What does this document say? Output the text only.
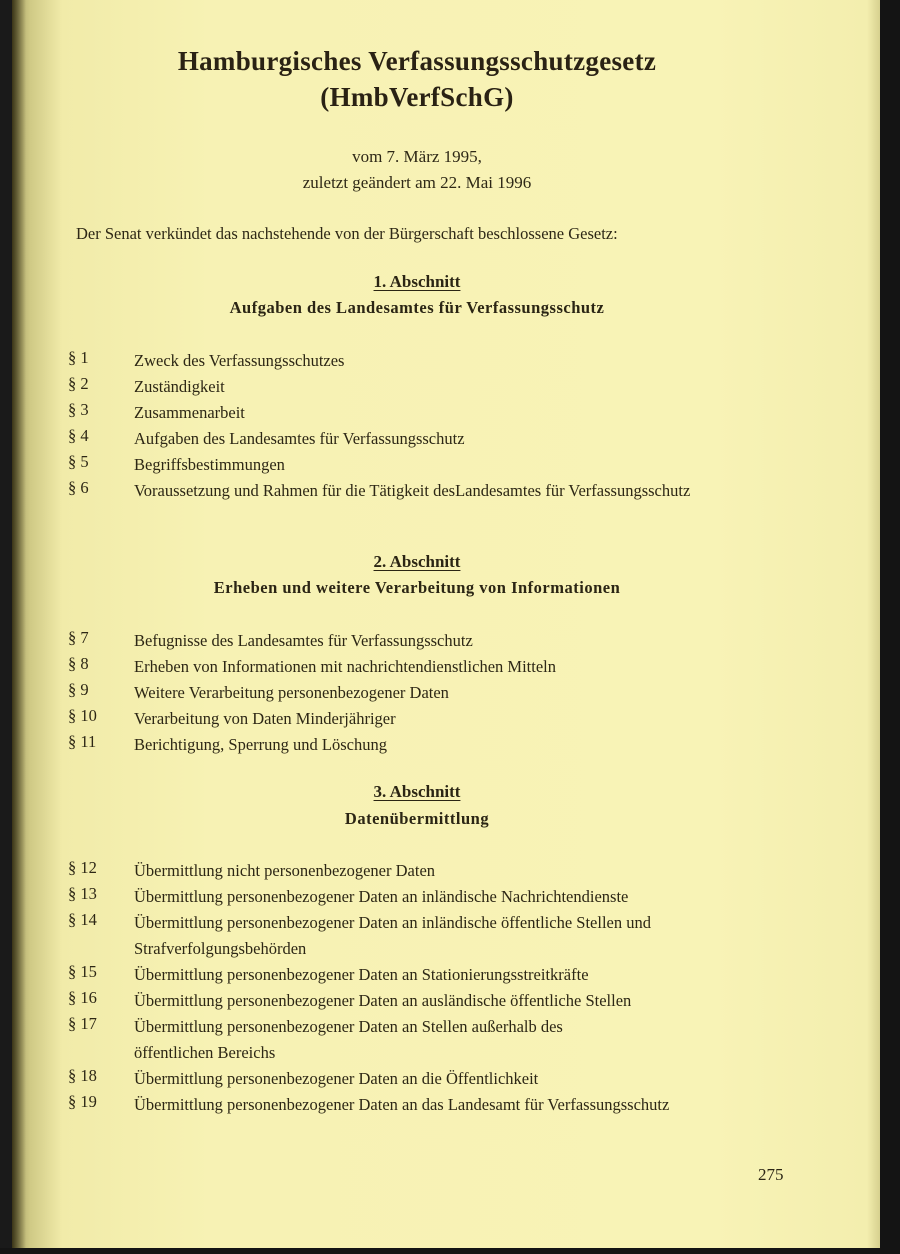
Hamburgisches Verfassungsschutzgesetz
(HmbVerfSchG)
vom 7. März 1995,
zuletzt geändert am 22. Mai 1996
Der Senat verkündet das nachstehende von der Bürgerschaft beschlossene Gesetz:
1. Abschnitt
Aufgaben des Landesamtes für Verfassungsschutz
§ 1	Zweck des Verfassungsschutzes
§ 2	Zuständigkeit
§ 3	Zusammenarbeit
§ 4	Aufgaben des Landesamtes für Verfassungsschutz
§ 5	Begriffsbestimmungen
§ 6	Voraussetzung und Rahmen für die Tätigkeit desLandesamtes für Verfassungsschutz
2. Abschnitt
Erheben und weitere Verarbeitung von Informationen
§ 7	Befugnisse des Landesamtes für Verfassungsschutz
§ 8	Erheben von Informationen mit nachrichtendienstlichen Mitteln
§ 9	Weitere Verarbeitung personenbezogener Daten
§ 10 Verarbeitung von Daten Minderjähriger
§ 11 Berichtigung, Sperrung und Löschung
3. Abschnitt
Datenübermittlung
§ 12 Übermittlung nicht personenbezogener Daten
§ 13 Übermittlung personenbezogener Daten an inländische Nachrichtendienste
§ 14 Übermittlung personenbezogener Daten an inländische öffentliche Stellen und Strafverfolgungsbehörden
§ 15 Übermittlung personenbezogener Daten an Stationierungsstreitkräfte
§ 16 Übermittlung personenbezogener Daten an ausländische öffentliche Stellen
§ 17 Übermittlung personenbezogener Daten an Stellen außerhalb des öffentlichen Bereichs
§ 18 Übermittlung personenbezogener Daten an die Öffentlichkeit
§ 19 Übermittlung personenbezogener Daten an das Landesamt für Verfassungsschutz
275
